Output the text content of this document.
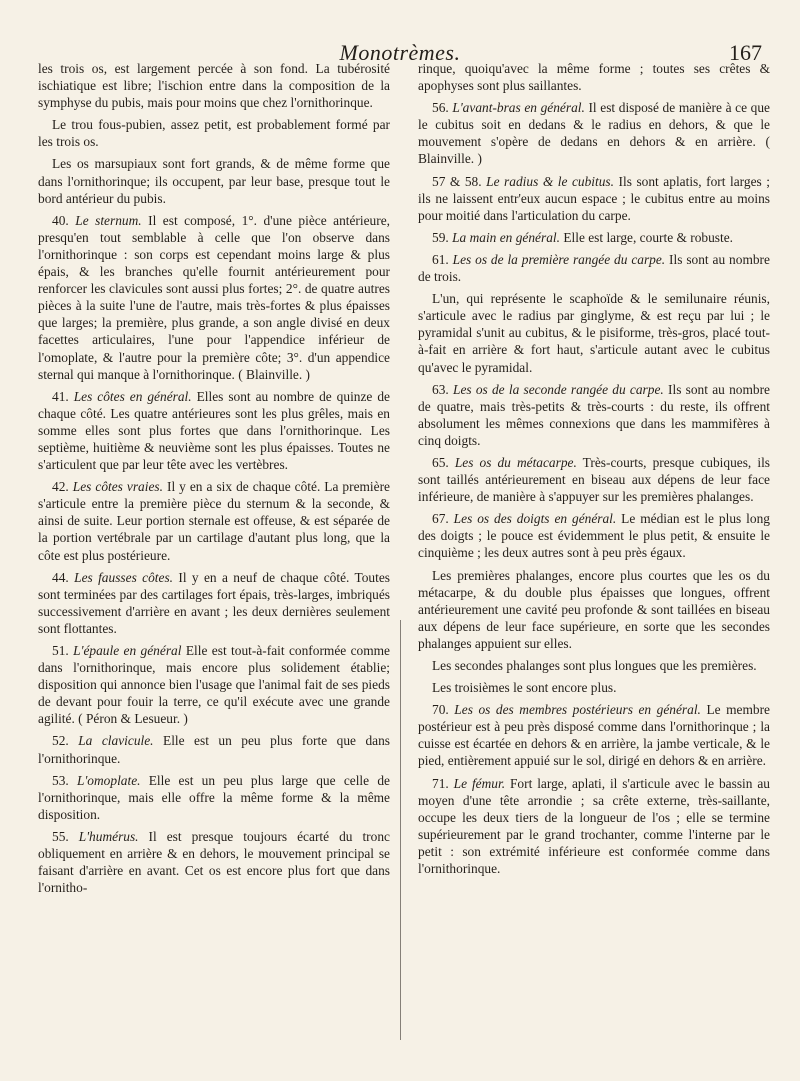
Monotrèmes.	167

les trois os, est largement percée à son fond. La tubérosité ischiatique est libre; l'ischion entre dans la composition de la symphyse du pubis, mais pour moins que chez l'ornithorinque.

Le trou fous-pubien, assez petit, est probablement formé par les trois os.

Les os marsupiaux sont fort grands, & de même forme que dans l'ornithorinque; ils occupent, par leur base, presque tout le bord antérieur du pubis.

40. Le sternum. Il est composé, 1°. d'une pièce antérieure, presqu'en tout semblable à celle que l'on observe dans l'ornithorinque : son corps est cependant moins large & plus épais, & les branches qu'elle fournit antérieurement pour renforcer les clavicules sont aussi plus fortes; 2°. de quatre autres pièces à la suite l'une de l'autre, mais très-fortes & plus épaisses que larges; la première, plus grande, a son angle divisé en deux facettes articulaires, l'une pour l'appendice inférieur de l'omoplate, & l'autre pour la première côte; 3°. d'un appendice sternal qui manque à l'ornithorinque. ( Blainville. )

41. Les côtes en général. Elles sont au nombre de quinze de chaque côté. Les quatre antérieures sont les plus grêles, mais en somme elles sont plus fortes que dans l'ornithorinque. Les septième, huitième & neuvième sont les plus épaisses. Toutes ne s'articulent que par leur tête avec les vertèbres.

42. Les côtes vraies. Il y en a six de chaque côté. La première s'articule entre la première pièce du sternum & la seconde, & ainsi de suite. Leur portion sternale est offeuse, & est séparée de la portion vertébrale par un cartilage d'autant plus long, que la côte est plus postérieure.

44. Les fausses côtes. Il y en a neuf de chaque côté. Toutes sont terminées par des cartilages fort épais, très-larges, imbriqués successivement d'arrière en avant ; les deux dernières seulement sont flottantes.

51. L'épaule en général Elle est tout-à-fait conformée comme dans l'ornithorinque, mais encore plus solidement établie; disposition qui annonce bien l'usage que l'animal fait de ses pieds de devant pour fouir la terre, ce qu'il exécute avec une grande agilité. ( Péron & Lesueur. )

52. La clavicule. Elle est un peu plus forte que dans l'ornithorinque.

53. L'omoplate. Elle est un peu plus large que celle de l'ornithorinque, mais elle offre la même forme & la même disposition.

55. L'humérus. Il est presque toujours écarté du tronc obliquement en arrière & en dehors, le mouvement principal se faisant d'arrière en avant. Cet os est encore plus fort que dans l'ornitho-

rinque, quoiqu'avec la même forme ; toutes ses crêtes & apophyses sont plus saillantes.

56. L'avant-bras en général. Il est disposé de manière à ce que le cubitus soit en dedans & le radius en dehors, & que le mouvement s'opère de dedans en dehors & en arrière. ( Blainville. )

57 & 58. Le radius & le cubitus. Ils sont aplatis, fort larges ; ils ne laissent entr'eux aucun espace ; le cubitus entre au moins pour moitié dans l'articulation du carpe.

59. La main en général. Elle est large, courte & robuste.

61. Les os de la première rangée du carpe. Ils sont au nombre de trois.

L'un, qui représente le scaphoïde & le semilunaire réunis, s'articule avec le radius par ginglyme, & est reçu par lui ; le pyramidal s'unit au cubitus, & le pisiforme, très-gros, placé tout-à-fait en arrière & fort haut, s'articule autant avec le cubitus qu'avec le pyramidal.

63. Les os de la seconde rangée du carpe. Ils sont au nombre de quatre, mais très-petits & très-courts : du reste, ils offrent absolument les mêmes connexions que dans les mammifères à cinq doigts.

65. Les os du métacarpe. Très-courts, presque cubiques, ils sont taillés antérieurement en biseau aux dépens de leur face inférieure, de manière à s'appuyer sur les premières phalanges.

67. Les os des doigts en général. Le médian est le plus long des doigts ; le pouce est évidemment le plus petit, & ensuite le cinquième ; les deux autres sont à peu près égaux.

Les premières phalanges, encore plus courtes que les os du métacarpe, & du double plus épaisses que longues, offrent antérieurement une cavité peu profonde & sont taillées en biseau aux dépens de leur face supérieure, en sorte que les secondes phalanges appuient sur elles.

Les secondes phalanges sont plus longues que les premières.

Les troisièmes le sont encore plus.

70. Les os des membres postérieurs en général. Le membre postérieur est à peu près disposé comme dans l'ornithorinque ; la cuisse est écartée en dehors & en arrière, la jambe verticale, & le pied, entièrement appuié sur le sol, dirigé en dehors & en arrière.

71. Le fémur. Fort large, aplati, il s'articule avec le bassin au moyen d'une tête arrondie ; sa crête externe, très-saillante, occupe les deux tiers de la longueur de l'os ; elle se termine supérieurement par le grand trochanter, comme l'interne par le petit : son extrémité inférieure est conformée comme dans l'ornithorinque.
